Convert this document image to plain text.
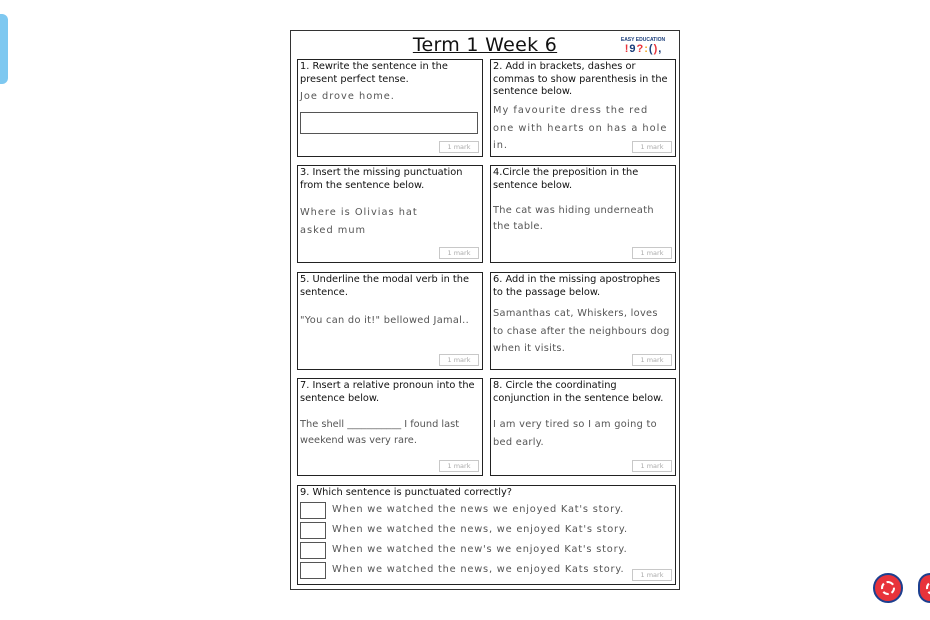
Term 1 Week 6	EASY EDUCATION
! 9 ? : ( ) ,
1. Rewrite the sentence in the present perfect tense.
Joe drove home.
1 mark
2. Add in brackets, dashes or commas to show parenthesis in the sentence below.
My favourite dress the red one with hearts on has a hole in.	1 mark
3. Insert the missing punctuation from the sentence below.
Where is Olivias hat asked mum
1 mark
4.Circle the preposition in the sentence below.
The cat was hiding underneath the table.
1 mark
5. Underline the modal verb in the sentence.
"You can do it!" bellowed Jamal..
1 mark
6. Add in the missing apostrophes to the passage below.
Samanthas cat, Whiskers, loves to chase after the neighbours dog when it visits.
1 mark
7. Insert a relative pronoun into the sentence below.
The shell ___________ I found last weekend was very rare.
1 mark
8. Circle the coordinating conjunction in the sentence below.
I am very tired so I am going to bed early.
1 mark
9. Which sentence is punctuated correctly?
When we watched the news we enjoyed Kat's story.
When we watched the news, we enjoyed Kat's story.
When we watched the new's we enjoyed Kat's story.
When we watched the news, we enjoyed Kats story.	1 mark
